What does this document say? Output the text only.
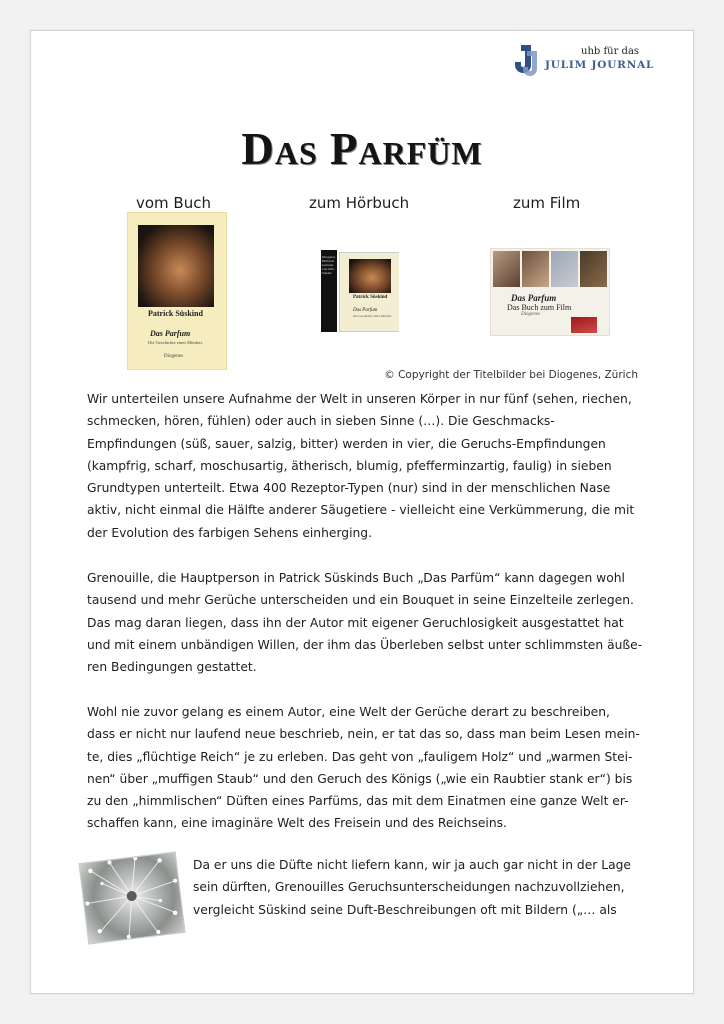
uhb für das
JULIM JOURNAL
Das Parfüm
vom Buch	zum Hörbuch	zum Film
Patrick Süskind
Das Parfum
Die Geschichte eines Mörders
Diogenes
Diogenes Hörbuch Gelesen von Otto Sander
Patrick Süskind
Das Parfum
Die Geschichte eines Mörders
Das Parfum
Das Buch zum Film
Diogenes
© Copyright der Titelbilder bei Diogenes, Zürich

Wir unterteilen unsere Aufnahme der Welt in unseren Körper in nur fünf (sehen, riechen,
schmecken, hören, fühlen) oder auch in sieben Sinne (…). Die Geschmacks-
Empfindungen (süß, sauer, salzig, bitter) werden in vier, die Geruchs-Empfindungen
(kampfrig, scharf, moschusartig, ätherisch, blumig, pfefferminzartig, faulig) in sieben
Grundtypen unterteilt. Etwa 400 Rezeptor-Typen (nur) sind in der menschlichen Nase
aktiv, nicht einmal die Hälfte anderer Säugetiere - vielleicht eine Verkümmerung, die mit
der Evolution des farbigen Sehens einherging.

Grenouille, die Hauptperson in Patrick Süskinds Buch „Das Parfüm“ kann dagegen wohl
tausend und mehr Gerüche unterscheiden und ein Bouquet in seine Einzelteile zerlegen.
Das mag daran liegen, dass ihn der Autor mit eigener Geruchlosigkeit ausgestattet hat
und mit einem unbändigen Willen, der ihm das Überleben selbst unter schlimmsten äuße-
ren Bedingungen gestattet.

Wohl nie zuvor gelang es einem Autor, eine Welt der Gerüche derart zu beschreiben,
dass er nicht nur laufend neue beschrieb, nein, er tat das so, dass man beim Lesen mein-
te, dies „flüchtige Reich“ je zu erleben. Das geht von „fauligem Holz“ und „warmen Stei-
nen“ über „muffigen Staub“ und den Geruch des Königs („wie ein Raubtier stank er“) bis
zu den „himmlischen“ Düften eines Parfüms, das mit dem Einatmen eine ganze Welt er-
schaffen kann, eine imaginäre Welt des Freisein und des Reichseins.

Da er uns die Düfte nicht liefern kann, wir ja auch gar nicht in der Lage
sein dürften, Grenouilles Geruchsunterscheidungen nachzuvollziehen,
vergleicht Süskind seine Duft-Beschreibungen oft mit Bildern („… als
